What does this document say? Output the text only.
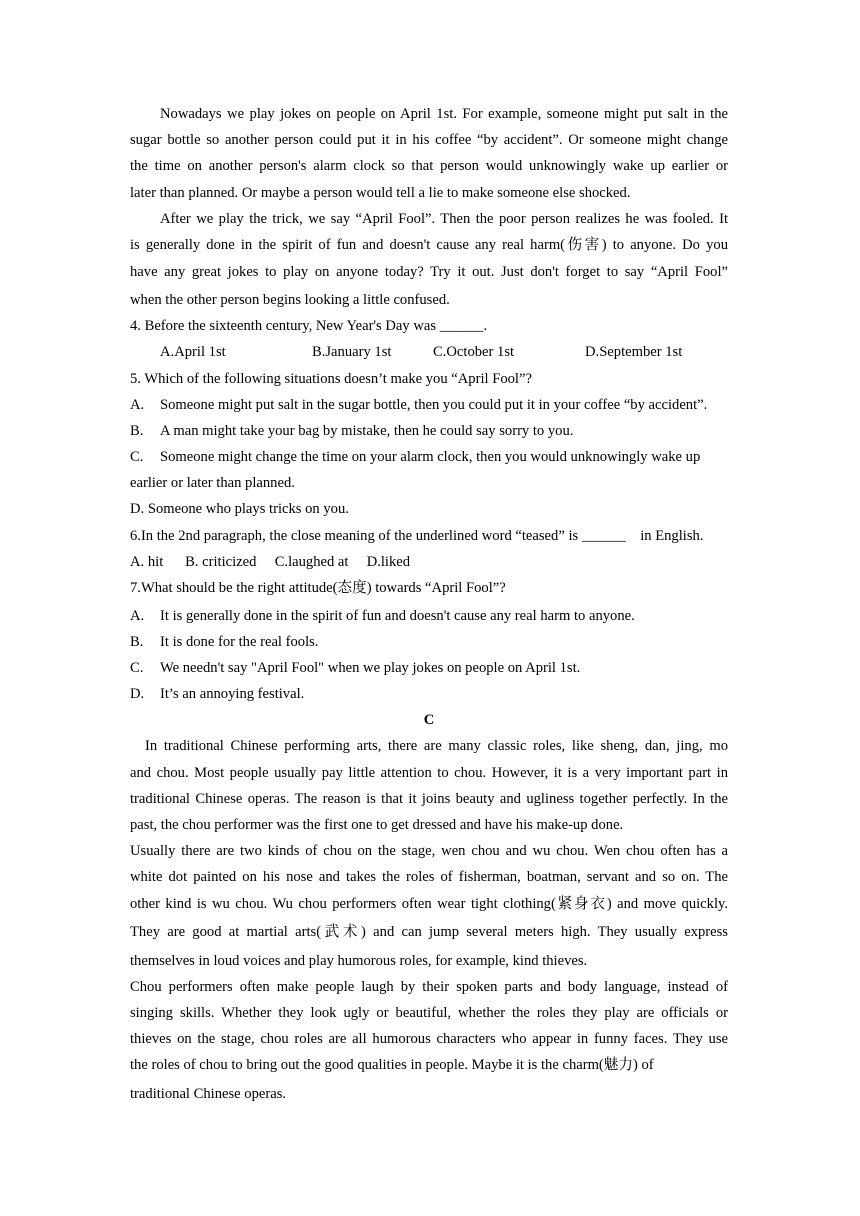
Nowadays we play jokes on people on April 1st. For example, someone might put salt in the
sugar bottle so another person could put it in his coffee “by accident”. Or someone might change
the time on another person's alarm clock so that person would unknowingly wake up earlier or
later than planned. Or maybe a person would tell a lie to make someone else shocked.
After we play the trick, we say “April Fool”. Then the poor person realizes he was fooled. It
is generally done in the spirit of fun and doesn't cause any real harm(伤害) to anyone. Do you
have any great jokes to play on anyone today? Try it out. Just don't forget to say “April Fool”
when the other person begins looking a little confused.
4. Before the sixteenth century, New Year's Day was ______.
A.April 1st	B.January 1st	C.October 1st	D.September 1st
5. Which of the following situations doesn’t make you “April Fool”?
A.	Someone might put salt in the sugar bottle, then you could put it in your coffee “by accident”.
B.	A man might take your bag by mistake, then he could say sorry to you.
C.	Someone might change the time on your alarm clock, then you would unknowingly wake up
earlier or later than planned.
D. Someone who plays tricks on you.
6.In the 2nd paragraph, the close meaning of the underlined word “teased” is ______    in English.
A. hit      B. criticized     C.laughed at     D.liked
7.What should be the right attitude(态度) towards “April Fool”?
A.	It is generally done in the spirit of fun and doesn't cause any real harm to anyone.
B.	It is done for the real fools.
C.	We needn't say "April Fool" when we play jokes on people on April 1st.
D.	It’s an annoying festival.
C
In traditional Chinese performing arts, there are many classic roles, like sheng, dan, jing, mo
and chou. Most people usually pay little attention to chou. However, it is a very important part in
traditional Chinese operas. The reason is that it joins beauty and ugliness together perfectly. In the
past, the chou performer was the first one to get dressed and have his make-up done.
Usually there are two kinds of chou on the stage, wen chou and wu chou. Wen chou often has a
white dot painted on his nose and takes the roles of fisherman, boatman, servant and so on. The
other kind is wu chou. Wu chou performers often wear tight clothing(紧身衣) and move quickly.
They are good at martial arts(武术) and can jump several meters high. They usually express
themselves in loud voices and play humorous roles, for example, kind thieves.
Chou performers often make people laugh by their spoken parts and body language, instead of
singing skills. Whether they look ugly or beautiful, whether the roles they play are officials or
thieves on the stage, chou roles are all humorous characters who appear in funny faces. They use
the roles of chou to bring out the good qualities in people. Maybe it is the charm(魅力) of
traditional Chinese operas.
